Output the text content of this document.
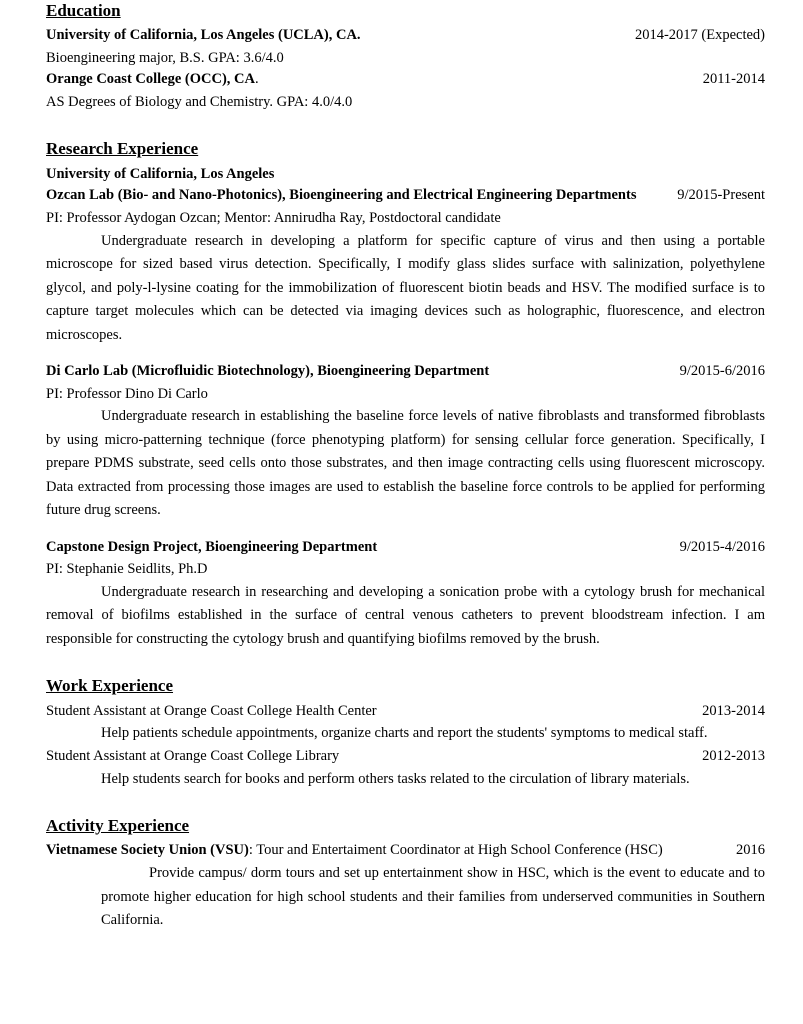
Education
University of California, Los Angeles (UCLA), CA.	2014-2017 (Expected)
Bioengineering major, B.S. GPA: 3.6/4.0
Orange Coast College (OCC), CA.	2011-2014
AS Degrees of Biology and Chemistry. GPA: 4.0/4.0
Research Experience
University of California, Los Angeles
Ozcan Lab (Bio- and Nano-Photonics), Bioengineering and Electrical Engineering Departments	9/2015-Present
PI: Professor Aydogan Ozcan; Mentor: Annirudha Ray, Postdoctoral candidate

Undergraduate research in developing a platform for specific capture of virus and then using a portable microscope for sized based virus detection. Specifically, I modify glass slides surface with salinization, polyethylene glycol, and poly-l-lysine coating for the immobilization of fluorescent biotin beads and HSV. The modified surface is to capture target molecules which can be detected via imaging devices such as holographic, fluorescence, and electron microscopes.

Di Carlo Lab (Microfluidic Biotechnology), Bioengineering Department	9/2015-6/2016
PI: Professor Dino Di Carlo

Undergraduate research in establishing the baseline force levels of native fibroblasts and transformed fibroblasts by using micro-patterning technique (force phenotyping platform) for sensing cellular force generation. Specifically, I prepare PDMS substrate, seed cells onto those substrates, and then image contracting cells using fluorescent microscopy. Data extracted from processing those images are used to establish the baseline force controls to be applied for performing future drug screens.

Capstone Design Project, Bioengineering Department	9/2015-4/2016
PI: Stephanie Seidlits, Ph.D

Undergraduate research in researching and developing a sonication probe with a cytology brush for mechanical removal of biofilms established in the surface of central venous catheters to prevent bloodstream infection. I am responsible for constructing the cytology brush and quantifying biofilms removed by the brush.

Work Experience
Student Assistant at Orange Coast College Health Center	2013-2014

Help patients schedule appointments, organize charts and report the students' symptoms to medical staff.

Student Assistant at Orange Coast College Library	2012-2013

Help students search for books and perform others tasks related to the circulation of library materials.

Activity Experience
Vietnamese Society Union (VSU): Tour and Entertaiment Coordinator at High School Conference (HSC)	2016

Provide campus/ dorm tours and set up entertainment show in HSC, which is the event to educate and to promote higher education for high school students and their families from underserved communities in Southern California.
